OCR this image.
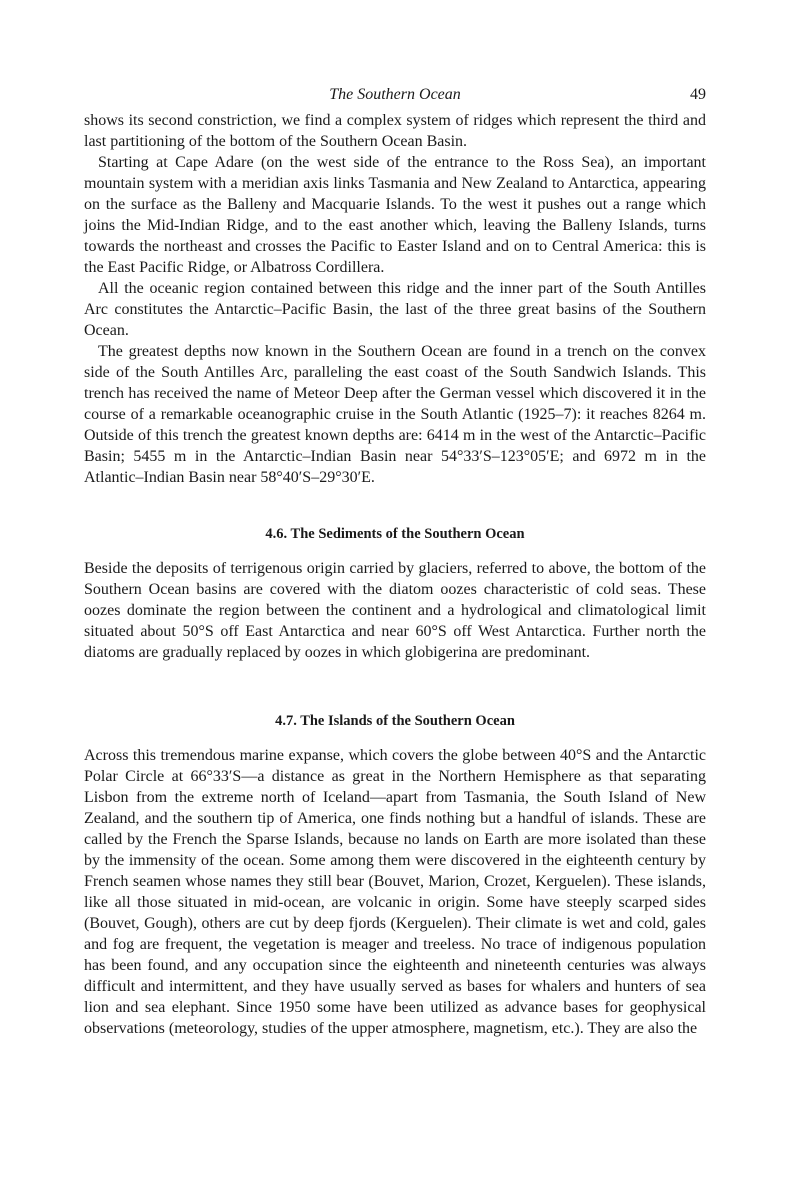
The Southern Ocean	49

shows its second constriction, we find a complex system of ridges which represent the third and last partitioning of the bottom of the Southern Ocean Basin.

Starting at Cape Adare (on the west side of the entrance to the Ross Sea), an important mountain system with a meridian axis links Tasmania and New Zealand to Antarctica, appearing on the surface as the Balleny and Macquarie Islands. To the west it pushes out a range which joins the Mid-Indian Ridge, and to the east another which, leaving the Balleny Islands, turns towards the northeast and crosses the Pacific to Easter Island and on to Central America: this is the East Pacific Ridge, or Albatross Cordillera.

All the oceanic region contained between this ridge and the inner part of the South Antilles Arc constitutes the Antarctic–Pacific Basin, the last of the three great basins of the Southern Ocean.

The greatest depths now known in the Southern Ocean are found in a trench on the convex side of the South Antilles Arc, paralleling the east coast of the South Sandwich Islands. This trench has received the name of Meteor Deep after the German vessel which discovered it in the course of a remarkable oceanographic cruise in the South Atlantic (1925–7): it reaches 8264 m. Outside of this trench the greatest known depths are: 6414 m in the west of the Antarctic–Pacific Basin; 5455 m in the Antarctic–Indian Basin near 54°33′S–123°05′E; and 6972 m in the Atlantic–Indian Basin near 58°40′S–29°30′E.

4.6. The Sediments of the Southern Ocean

Beside the deposits of terrigenous origin carried by glaciers, referred to above, the bottom of the Southern Ocean basins are covered with the diatom oozes characteristic of cold seas. These oozes dominate the region between the continent and a hydrological and climatological limit situated about 50°S off East Antarctica and near 60°S off West Antarctica. Further north the diatoms are gradually replaced by oozes in which globigerina are predominant.

4.7. The Islands of the Southern Ocean

Across this tremendous marine expanse, which covers the globe between 40°S and the Antarctic Polar Circle at 66°33′S—a distance as great in the Northern Hemisphere as that separating Lisbon from the extreme north of Iceland—apart from Tasmania, the South Island of New Zealand, and the southern tip of America, one finds nothing but a handful of islands. These are called by the French the Sparse Islands, because no lands on Earth are more isolated than these by the immensity of the ocean. Some among them were discovered in the eighteenth century by French seamen whose names they still bear (Bouvet, Marion, Crozet, Kerguelen). These islands, like all those situated in mid-ocean, are volcanic in origin. Some have steeply scarped sides (Bouvet, Gough), others are cut by deep fjords (Kerguelen). Their climate is wet and cold, gales and fog are frequent, the vegetation is meager and treeless. No trace of indigenous population has been found, and any occupation since the eighteenth and nineteenth centuries was always difficult and intermittent, and they have usually served as bases for whalers and hunters of sea lion and sea elephant. Since 1950 some have been utilized as advance bases for geophysical observations (meteorology, studies of the upper atmosphere, magnetism, etc.). They are also the
